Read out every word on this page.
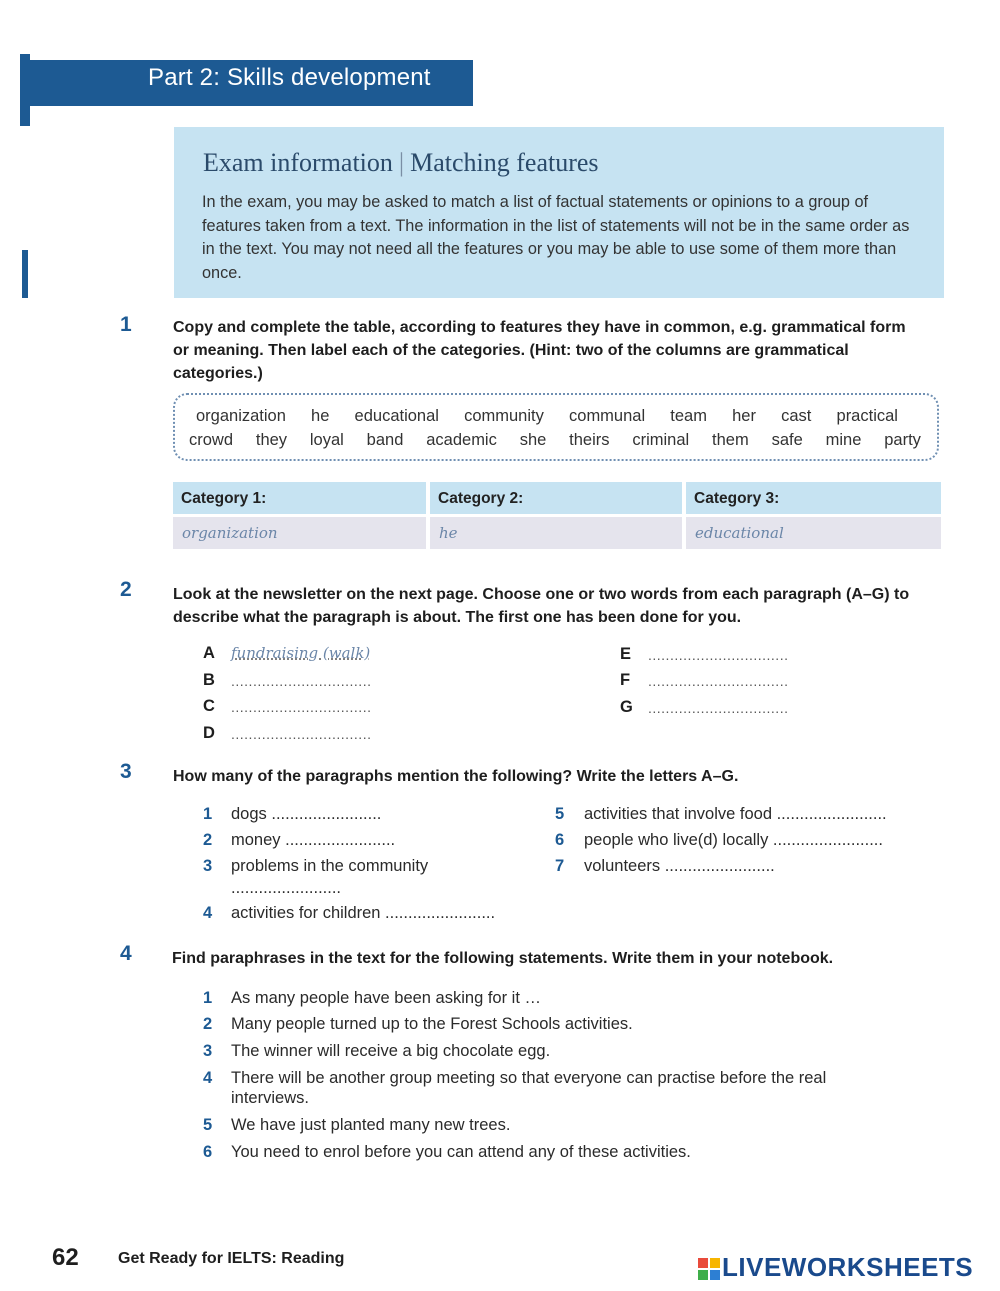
Part 2: Skills development
Exam information | Matching features
In the exam, you may be asked to match a list of factual statements or opinions to a group of features taken from a text. The information in the list of statements will not be in the same order as in the text. You may not need all the features or you may be able to use some of them more than once.
1	Copy and complete the table, according to features they have in common, e.g. grammatical form or meaning. Then label each of the categories. (Hint: two of the columns are grammatical categories.)
organization he educational community communal team her cast practical
crowd they loyal band academic she theirs criminal them safe mine party
Category 1:	Category 2:	Category 3:
organization	he	educational
2	Look at the newsletter on the next page. Choose one or two words from each paragraph (A–G) to describe what the paragraph is about. The first one has been done for you.
A fundraising (walk)
B ................................
C ................................
D ................................
E ................................
F ................................
G ................................
3	How many of the paragraphs mention the following? Write the letters A–G.
1 dogs ........................
2 money ........................
3 problems in the community
........................
4 activities for children ........................
5 activities that involve food ........................
6 people who live(d) locally ........................
7 volunteers ........................
4	Find paraphrases in the text for the following statements. Write them in your notebook.
1 As many people have been asking for it …
2 Many people turned up to the Forest Schools activities.
3 The winner will receive a big chocolate egg.
4 There will be another group meeting so that everyone can practise before the real
interviews.
5 We have just planted many new trees.
6 You need to enrol before you can attend any of these activities.
62 Get Ready for IELTS: Reading	LIVEWORKSHEETS
